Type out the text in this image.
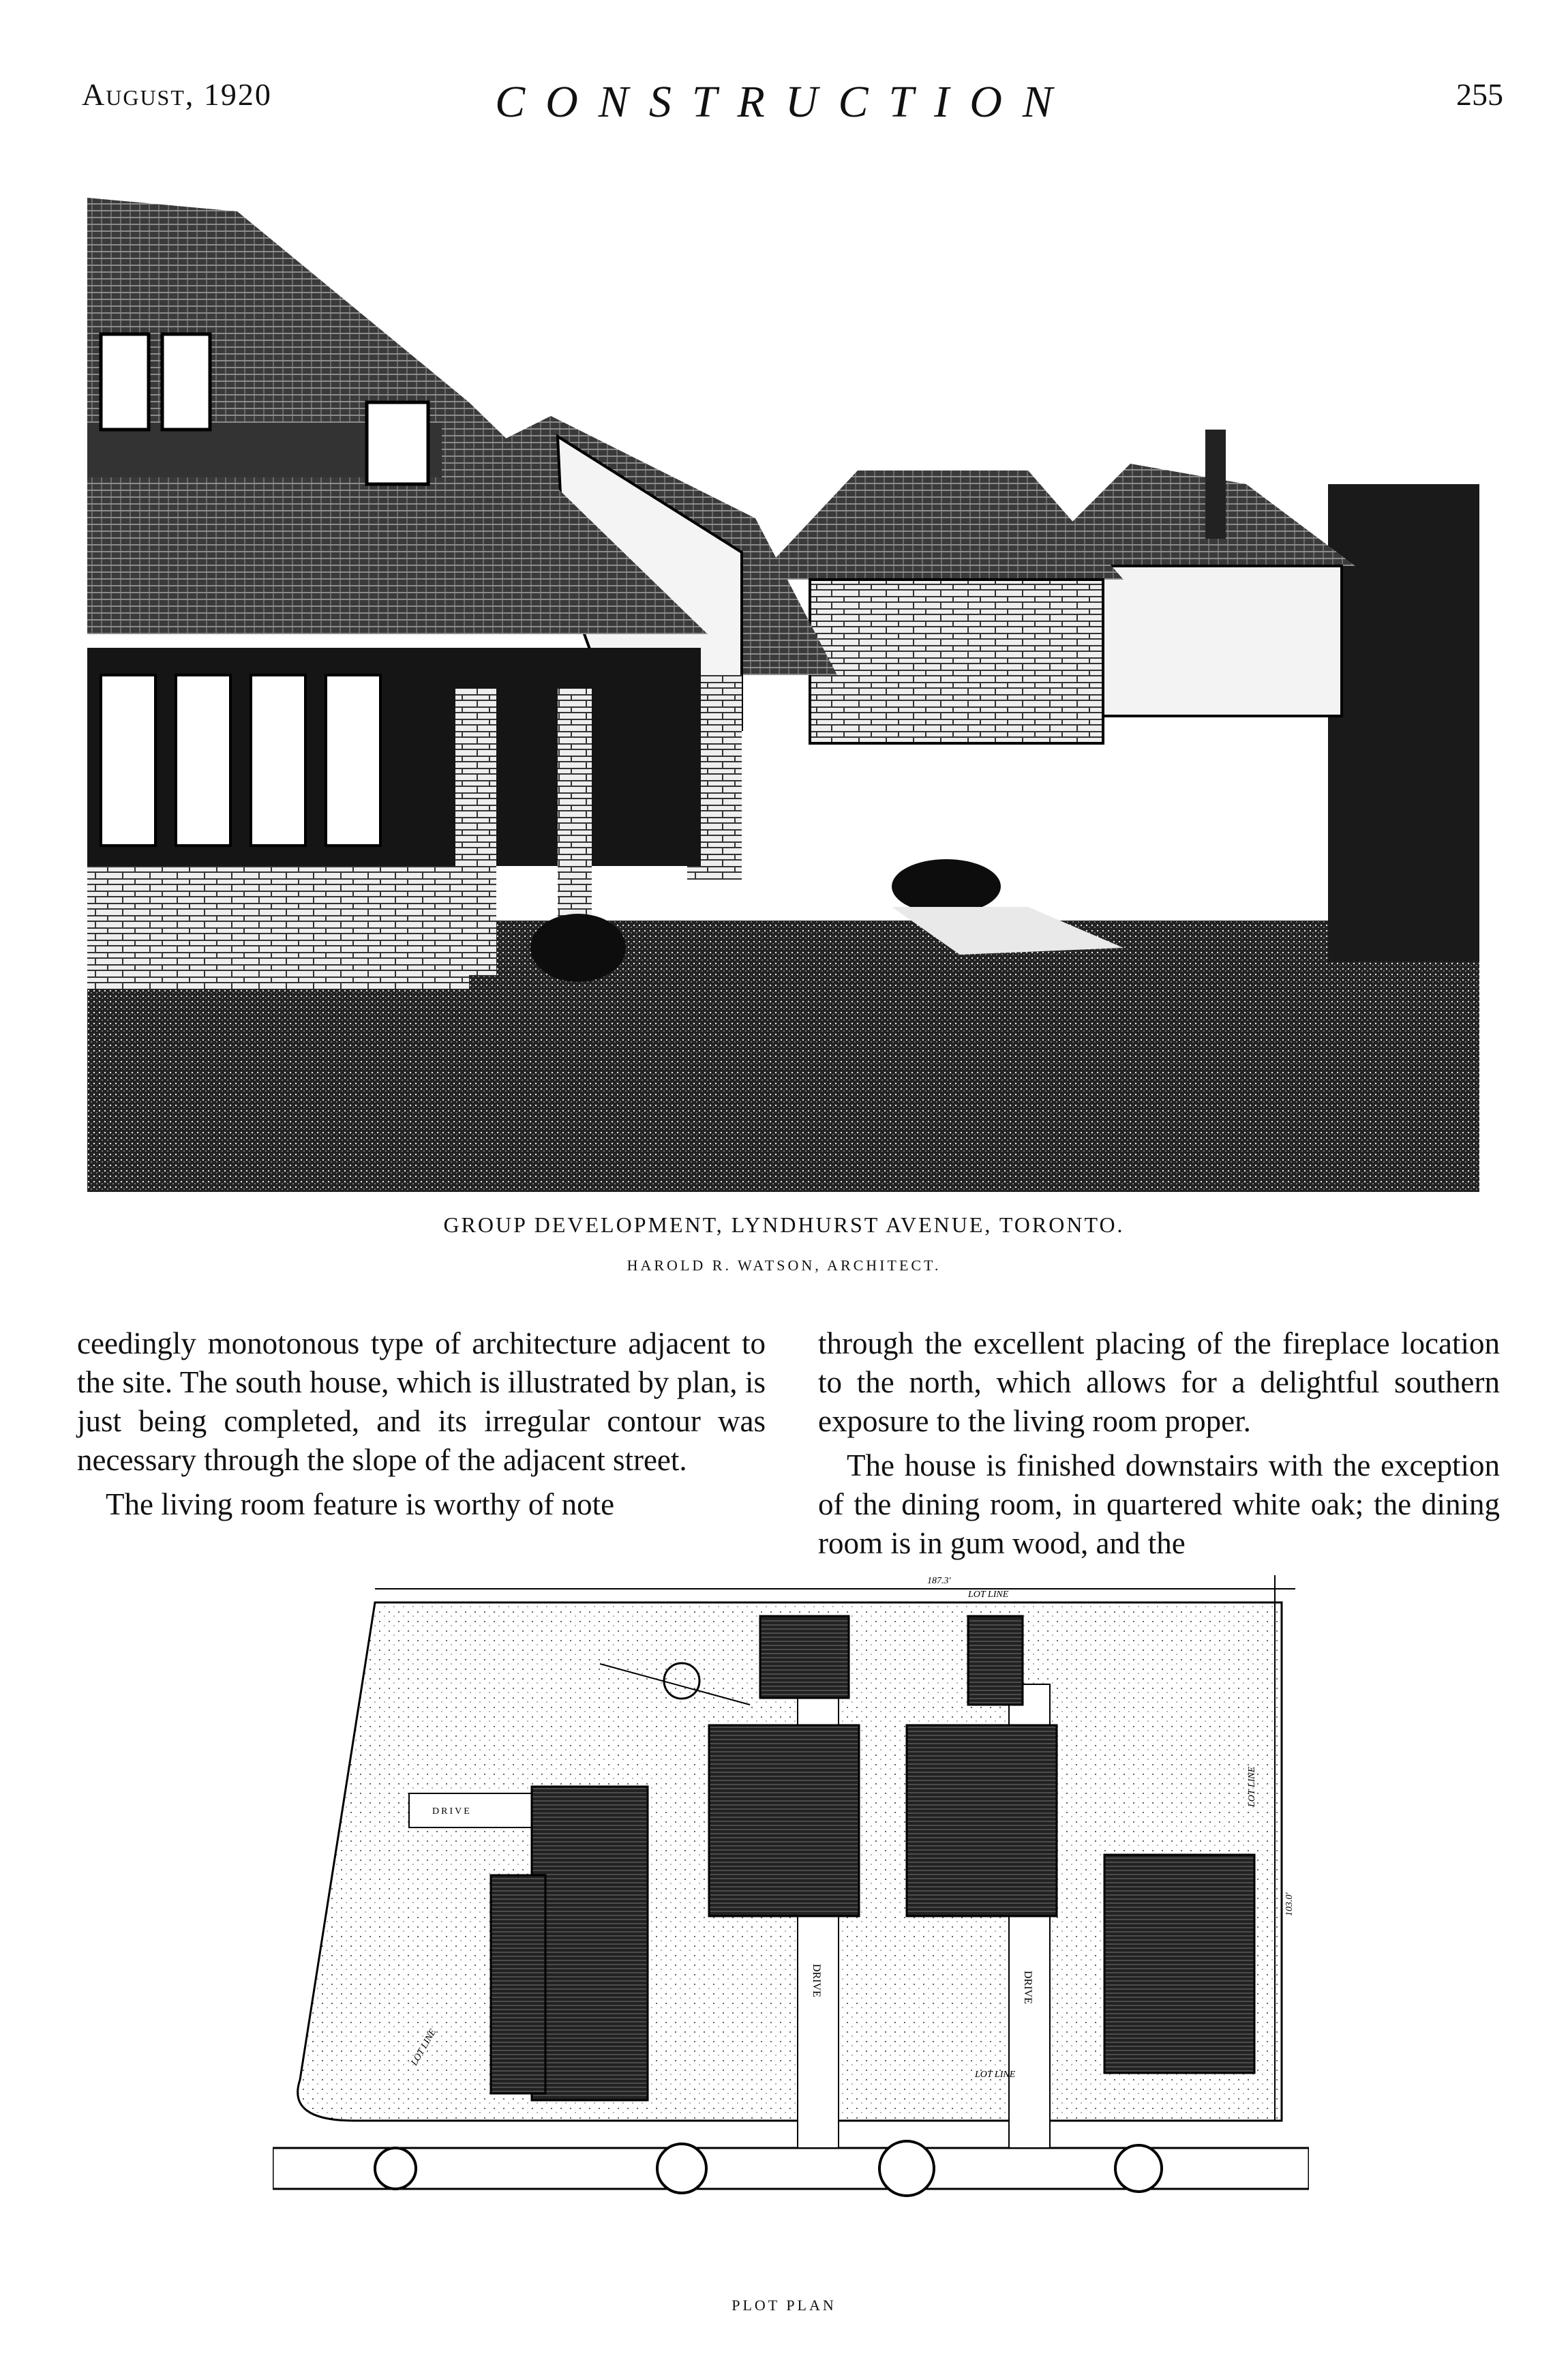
August, 1920	CONSTRUCTION	255
GROUP DEVELOPMENT, LYNDHURST AVENUE, TORONTO.
HAROLD R. WATSON, ARCHITECT.

ceedingly monotonous type of architecture adjacent to the site. The south house, which is illustrated by plan, is just being completed, and its irregular contour was necessary through the slope of the adjacent street.

The living room feature is worthy of note

through the excellent placing of the fireplace location to the north, which allows for a delightful southern exposure to the living room proper.

The house is finished downstairs with the exception of the dining room, in quartered white oak; the dining room is in gum wood, and the

DRIVE
DRIVE	DRIVE
LOT LINE
LOT LINE
LOT LINE
LOT LINE
187.3'
103.0'
PLOT PLAN
